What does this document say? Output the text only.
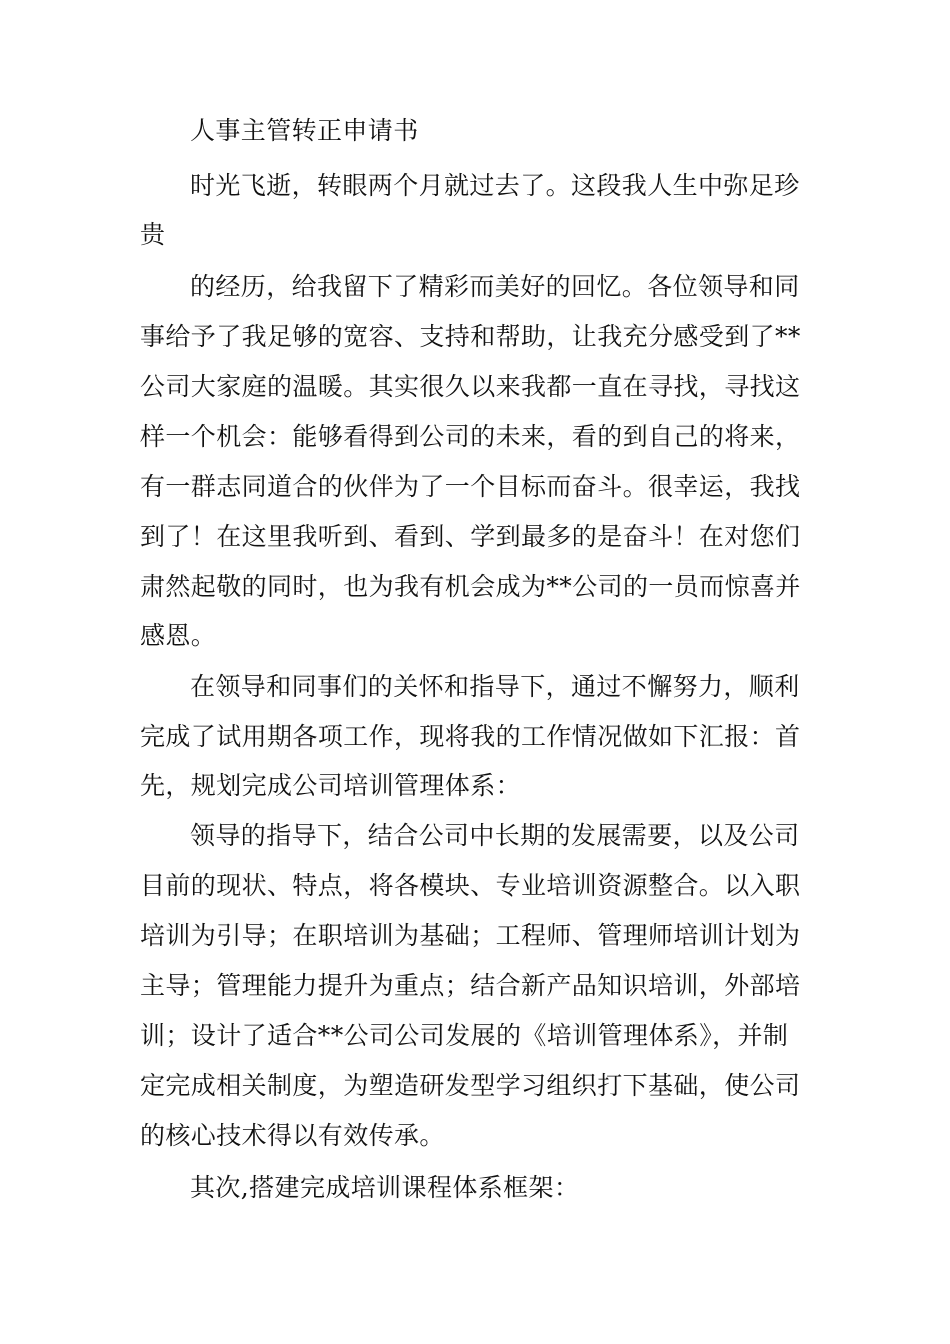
人事主管转正申请书
时光飞逝，转眼两个月就过去了。这段我人生中弥足珍
贵
的经历，给我留下了精彩而美好的回忆。各位领导和同
事给予了我足够的宽容、支持和帮助，让我充分感受到了**
公司大家庭的温暖。其实很久以来我都一直在寻找，寻找这
样一个机会：能够看得到公司的未来，看的到自己的将来，
有一群志同道合的伙伴为了一个目标而奋斗。很幸运，我找
到了！在这里我听到、看到、学到最多的是奋斗！在对您们
肃然起敬的同时，也为我有机会成为**公司的一员而惊喜并
感恩。
在领导和同事们的关怀和指导下，通过不懈努力，顺利
完成了试用期各项工作，现将我的工作情况做如下汇报：首
先，规划完成公司培训管理体系：
领导的指导下，结合公司中长期的发展需要，以及公司
目前的现状、特点，将各模块、专业培训资源整合。以入职
培训为引导；在职培训为基础；工程师、管理师培训计划为
主导；管理能力提升为重点；结合新产品知识培训，外部培
训；设计了适合**公司公司发展的《培训管理体系》，并制
定完成相关制度，为塑造研发型学习组织打下基础，使公司
的核心技术得以有效传承。
其次,搭建完成培训课程体系框架：
